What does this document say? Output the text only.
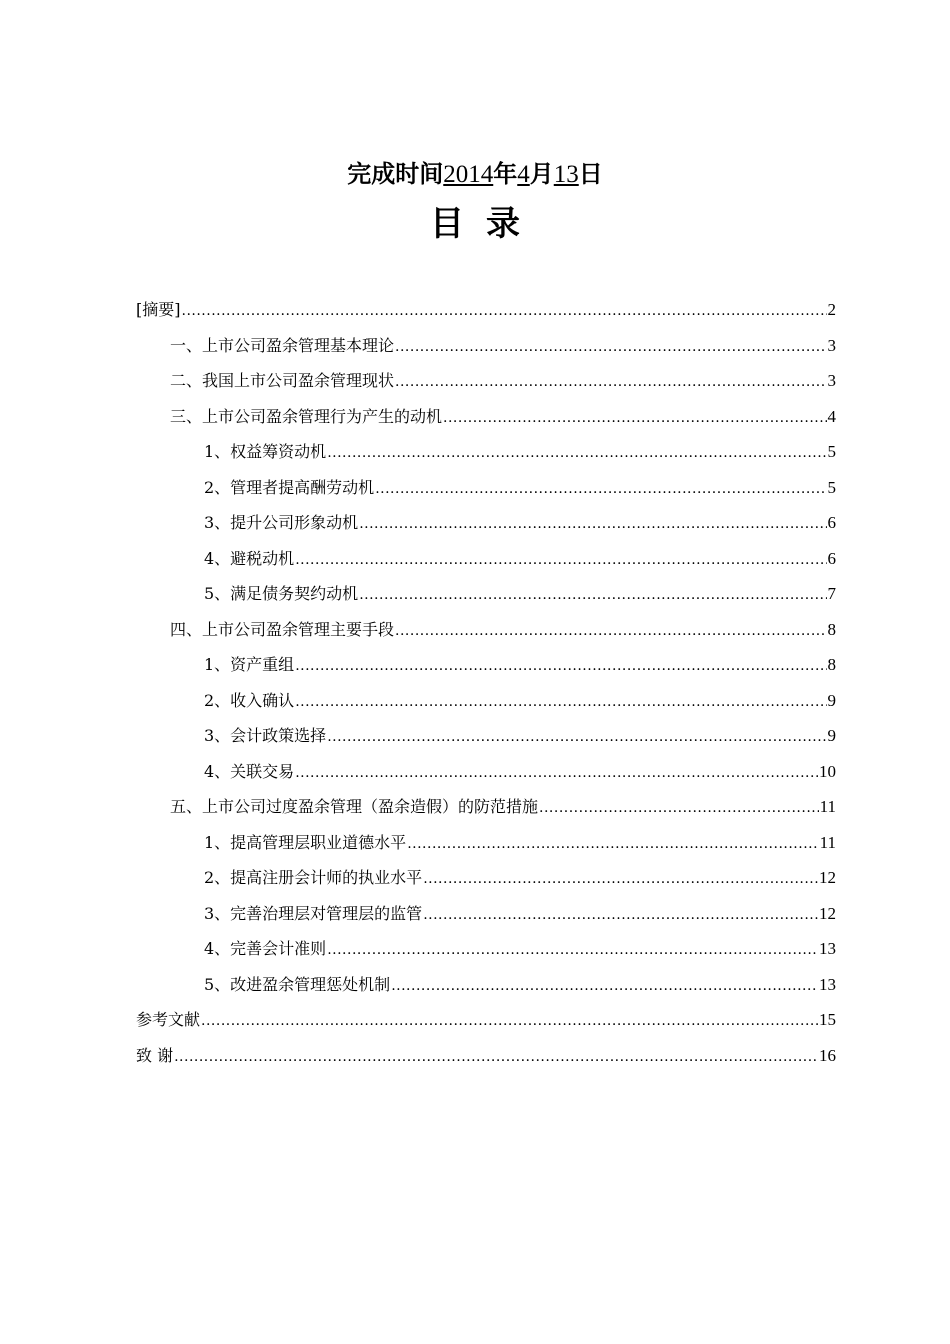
完成时间2014年4月13日
目录
[摘要] .....	2
一、上市公司盈余管理基本理论 .....	3
二、我国上市公司盈余管理现状 .....	3
三、上市公司盈余管理行为产生的动机 .....	4
1、权益筹资动机 .....	5
2、管理者提高酬劳动机 .....	5
3、提升公司形象动机 .....	6
4、避税动机 .....	6
5、满足债务契约动机 .....	7
四、上市公司盈余管理主要手段 .....	8
1、资产重组 .....	8
2、收入确认 .....	9
3、会计政策选择 .....	9
4、关联交易 .....	10
五、上市公司过度盈余管理（盈余造假）的防范措施 .....	11
1、提高管理层职业道德水平 .....	11
2、提高注册会计师的执业水平 .....	12
3、完善治理层对管理层的监管 .....	12
4、完善会计准则 .....	13
5、改进盈余管理惩处机制 .....	13
参考文献 .....	15
致 谢 .....	16
